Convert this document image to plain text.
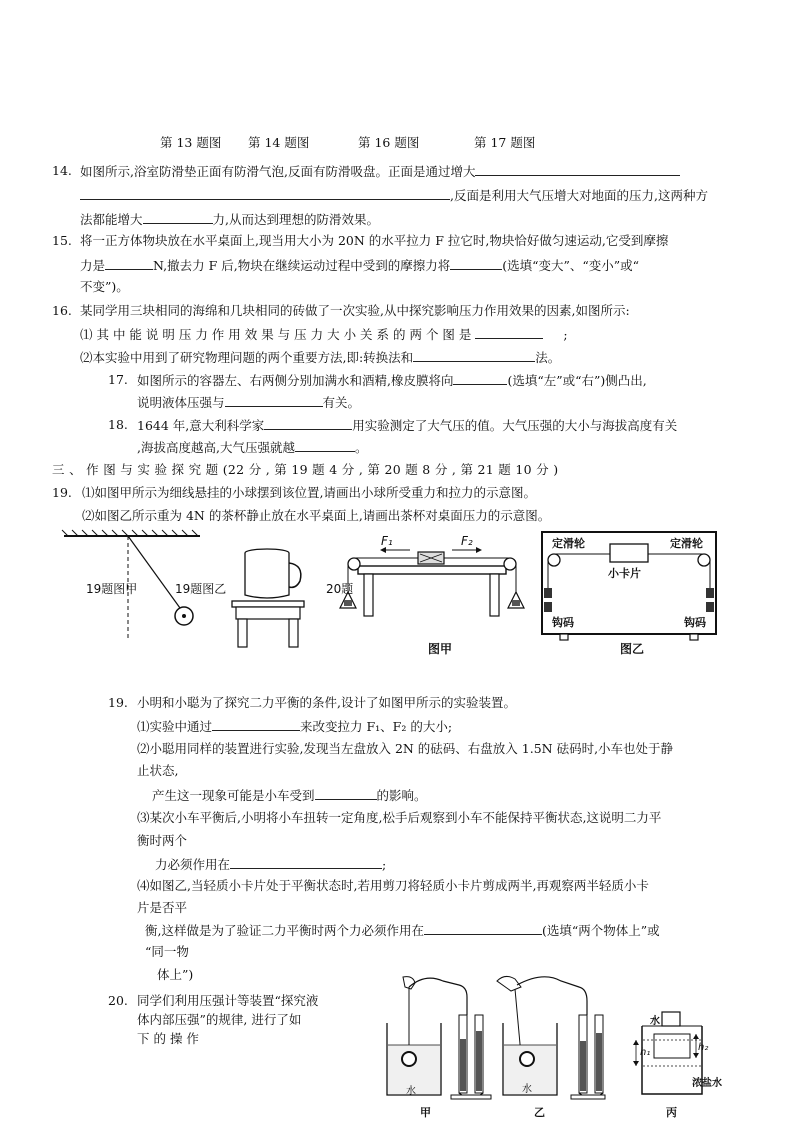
第 13 题图 第 14 题图	第 16 题图	第 17 题图
14. 如图所示,浴室防滑垫正面有防滑气泡,反面有防滑吸盘。正面是通过增大
,反面是利用大气压增大对地面的压力,这两种方
法都能增大	力,从而达到理想的防滑效果。
15. 将一正方体物块放在水平桌面上,现当用大小为 20N 的水平拉力 F 拉它时,物块恰好做匀速运动,它受到摩擦
力是	N,撤去力 F 后,物块在继续运动过程中受到的摩擦力将	(选填“变大”、“变小”或“
不变”)。
16. 某同学用三块相同的海绵和几块相同的砖做了一次实验,从中探究影响压力作用效果的因素,如图所示:
⑴ 其 中 能 说 明 压 力 作 用 效 果 与 压 力 大 小 关 系 的 两 个 图 是	;
⑵本实验中用到了研究物理问题的两个重要方法,即:转换法和	法。
17. 如图所示的容器左、右两侧分别加满水和酒精,橡皮膜将向	(选填“左”或“右”)侧凸出,
说明液体压强与	有关。
18. 1644 年,意大利科学家	用实验测定了大气压的值。大气压强的大小与海拔高度有关
,海拔高度越高,大气压强就越	。
三 、 作 图 与 实 验 探 究 题 (22 分 , 第 19 题 4 分 , 第 20 题 8 分 , 第 21 题 10 分 )
19. ⑴如图甲所示为细线悬挂的小球摆到该位置,请画出小球所受重力和拉力的示意图。
⑵如图乙所示重为 4N 的茶杯静止放在水平桌面上,请画出茶杯对桌面压力的示意图。
19题图甲	19题图乙	20题
F₁	F₂
图甲
定滑轮	定滑轮
小卡片
钩码	钩码
图乙
19. 小明和小聪为了探究二力平衡的条件,设计了如图甲所示的实验装置。
⑴实验中通过	来改变拉力 F₁、F₂ 的大小;
⑵小聪用同样的装置进行实验,发现当左盘放入 2N 的砝码、右盘放入 1.5N 砝码时,小车也处于静
止状态,
产生这一现象可能是小车受到	的影响。
⑶某次小车平衡后,小明将小车扭转一定角度,松手后观察到小车不能保持平衡状态,这说明二力平
衡时两个
力必须作用在	;
⑷如图乙,当轻质小卡片处于平衡状态时,若用剪刀将轻质小卡片剪成两半,再观察两半轻质小卡
片是否平
衡,这样做是为了验证二力平衡时两个力必须作用在	(选填“两个物体上”或
“同一物
体上”)
20. 同学们利用压强计等装置“探究液
体内部压强”的规律, 进行了如
下 的 操 作
水
甲
水
乙
水
h₁	h₂
浓盐水
丙
